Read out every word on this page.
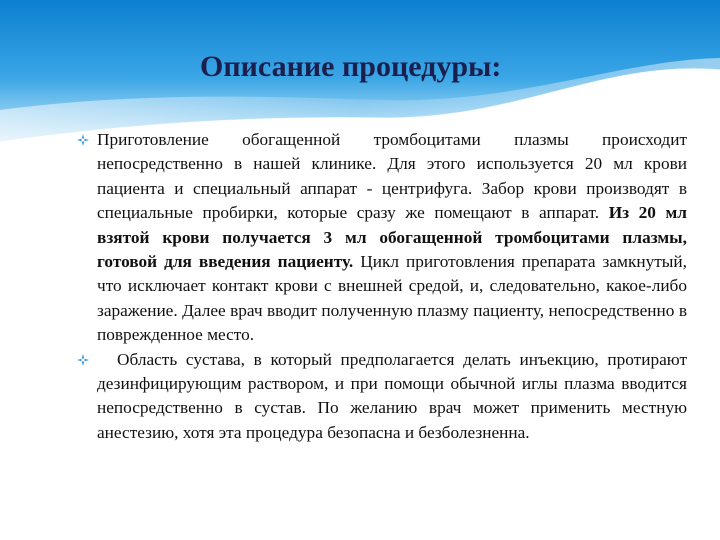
Описание процедуры:

Приготовление обогащенной тромбоцитами плазмы происходит непосредственно в нашей клинике. Для этого используется 20 мл крови пациента и специальный аппарат - центрифуга. Забор крови производят в специальные пробирки, которые сразу же помещают в аппарат. Из 20 мл взятой крови получается 3 мл обогащенной тромбоцитами плазмы, готовой для введения пациенту. Цикл приготовления препарата замкнутый, что исключает контакт крови с внешней средой, и, следовательно, какое-либо заражение. Далее врач вводит полученную плазму пациенту, непосредственно в поврежденное место.

Область сустава, в который предполагается делать инъекцию, протирают дезинфицирующим раствором, и при помощи обычной иглы плазма вводится непосредственно в сустав. По желанию врач может применить местную анестезию, хотя эта процедура безопасна и безболезненна.
